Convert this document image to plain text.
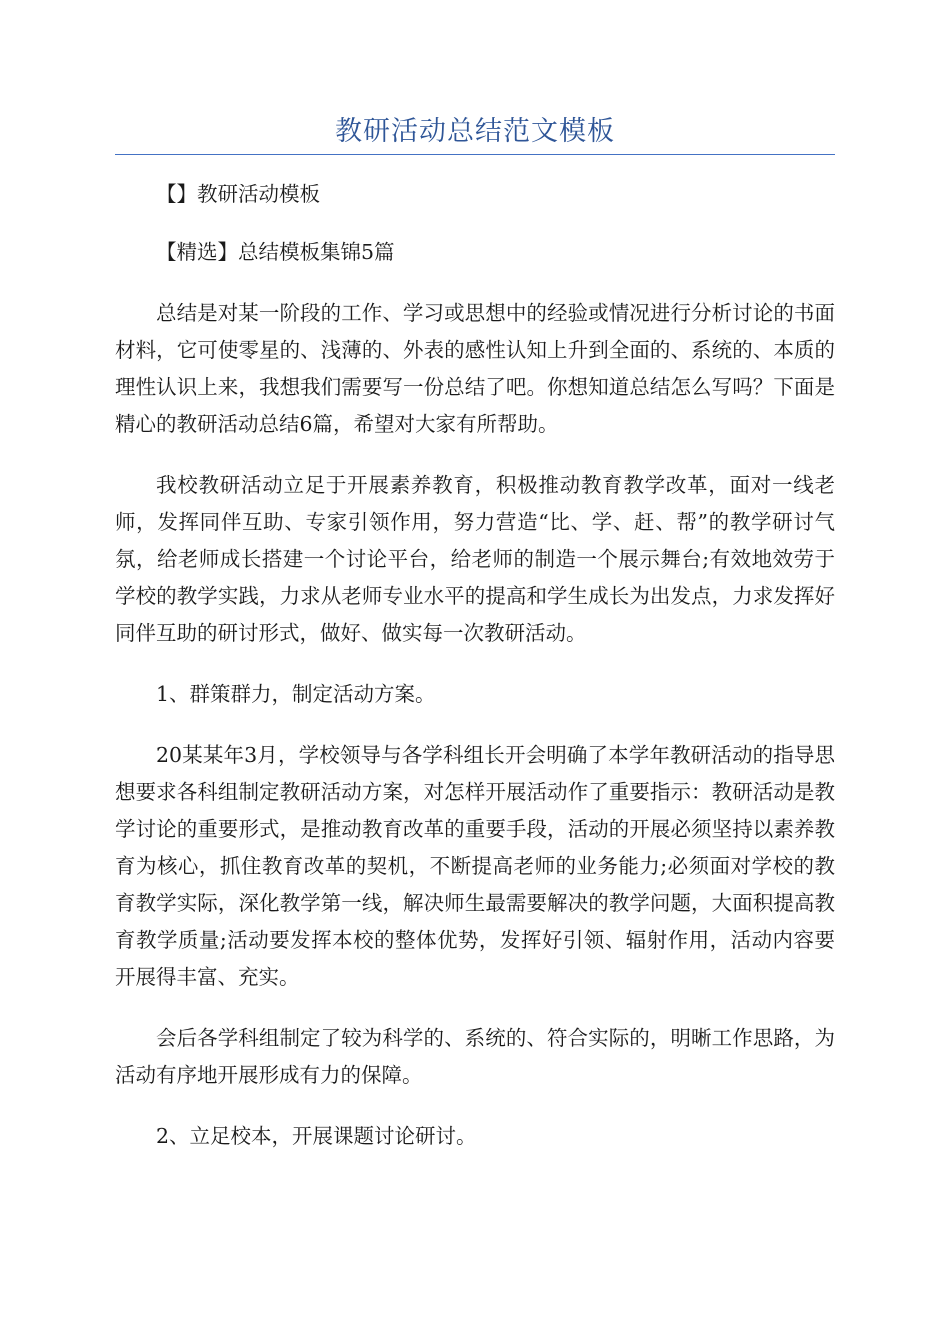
教研活动总结范文模板

【】教研活动模板

【精选】总结模板集锦5篇

总结是对某一阶段的工作、学习或思想中的经验或情况进行分析讨论的书面材料，它可使零星的、浅薄的、外表的感性认知上升到全面的、系统的、本质的理性认识上来，我想我们需要写一份总结了吧。你想知道总结怎么写吗？下面是精心的教研活动总结6篇，希望对大家有所帮助。

我校教研活动立足于开展素养教育，积极推动教育教学改革，面对一线老师，发挥同伴互助、专家引领作用，努力营造“比、学、赶、帮”的教学研讨气氛，给老师成长搭建一个讨论平台，给老师的制造一个展示舞台;有效地效劳于学校的教学实践，力求从老师专业水平的提高和学生成长为出发点，力求发挥好同伴互助的研讨形式，做好、做实每一次教研活动。

1、群策群力，制定活动方案。

20某某年3月，学校领导与各学科组长开会明确了本学年教研活动的指导思想要求各科组制定教研活动方案，对怎样开展活动作了重要指示：教研活动是教学讨论的重要形式，是推动教育改革的重要手段，活动的开展必须坚持以素养教育为核心，抓住教育改革的契机，不断提高老师的业务能力;必须面对学校的教育教学实际，深化教学第一线，解决师生最需要解决的教学问题，大面积提高教育教学质量;活动要发挥本校的整体优势，发挥好引领、辐射作用，活动内容要开展得丰富、充实。

会后各学科组制定了较为科学的、系统的、符合实际的，明晰工作思路，为活动有序地开展形成有力的保障。

2、立足校本，开展课题讨论研讨。
